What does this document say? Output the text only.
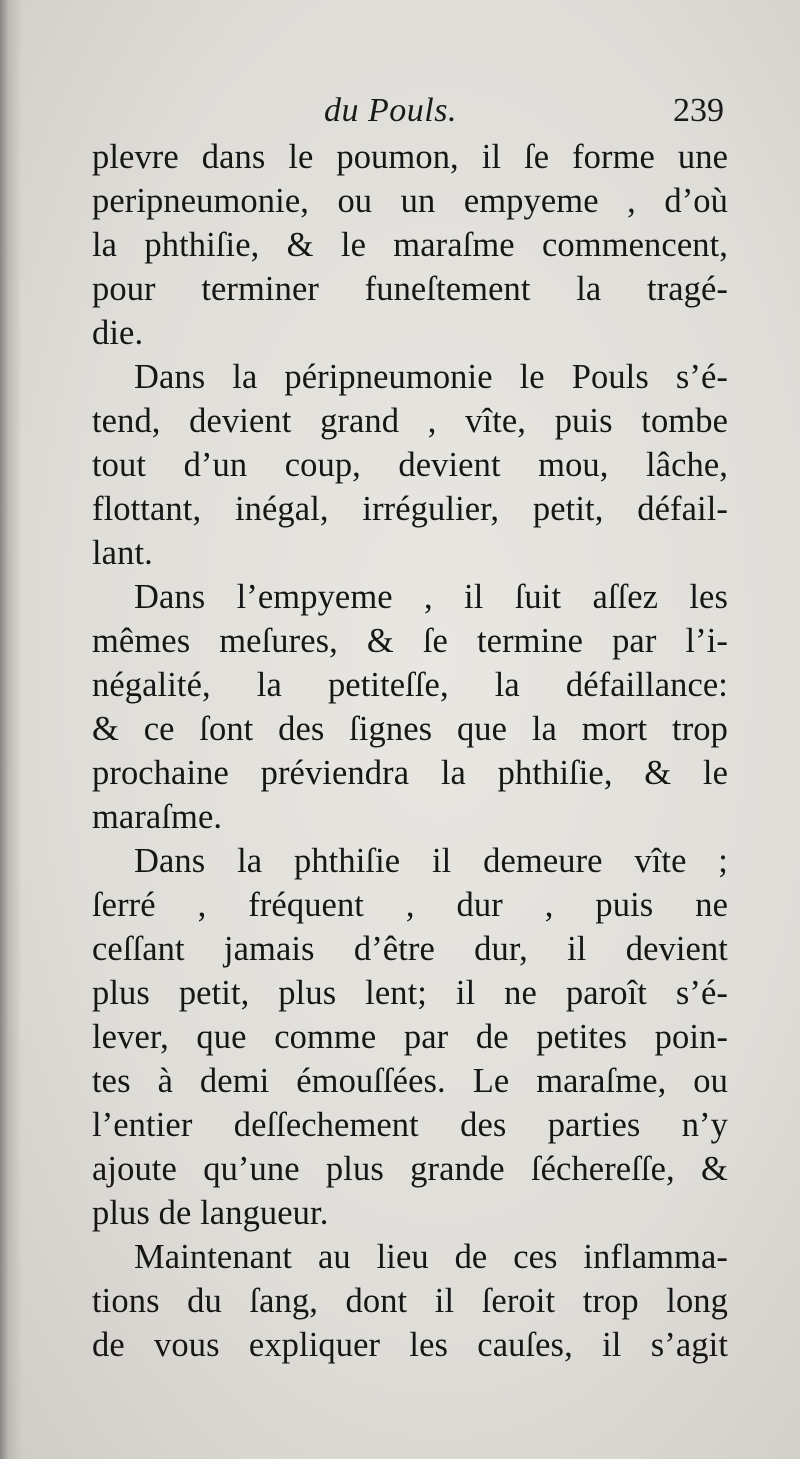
du Pouls.	239
plevre dans le poumon, il ſe forme une
peripneumonie, ou un empyeme , d’où
la phthiſie, & le maraſme commencent,
pour terminer funeſtement la tragé-
die.
Dans la péripneumonie le Pouls s’é-
tend, devient grand , vîte, puis tombe
tout d’un coup, devient mou, lâche,
flottant, inégal, irrégulier, petit, défail-
lant.
Dans l’empyeme , il ſuit aſſez les
mêmes meſures, & ſe termine par l’i-
négalité, la petiteſſe, la défaillance:
& ce ſont des ſignes que la mort trop
prochaine préviendra la phthiſie, & le
maraſme.
Dans la phthiſie il demeure vîte ;
ſerré , fréquent , dur , puis ne
ceſſant jamais d’être dur, il devient
plus petit, plus lent; il ne paroît s’é-
lever, que comme par de petites poin-
tes à demi émouſſées. Le maraſme, ou
l’entier deſſechement des parties n’y
ajoute qu’une plus grande ſéchereſſe, &
plus de langueur.
Maintenant au lieu de ces inflamma-
tions du ſang, dont il ſeroit trop long
de vous expliquer les cauſes, il s’agit
